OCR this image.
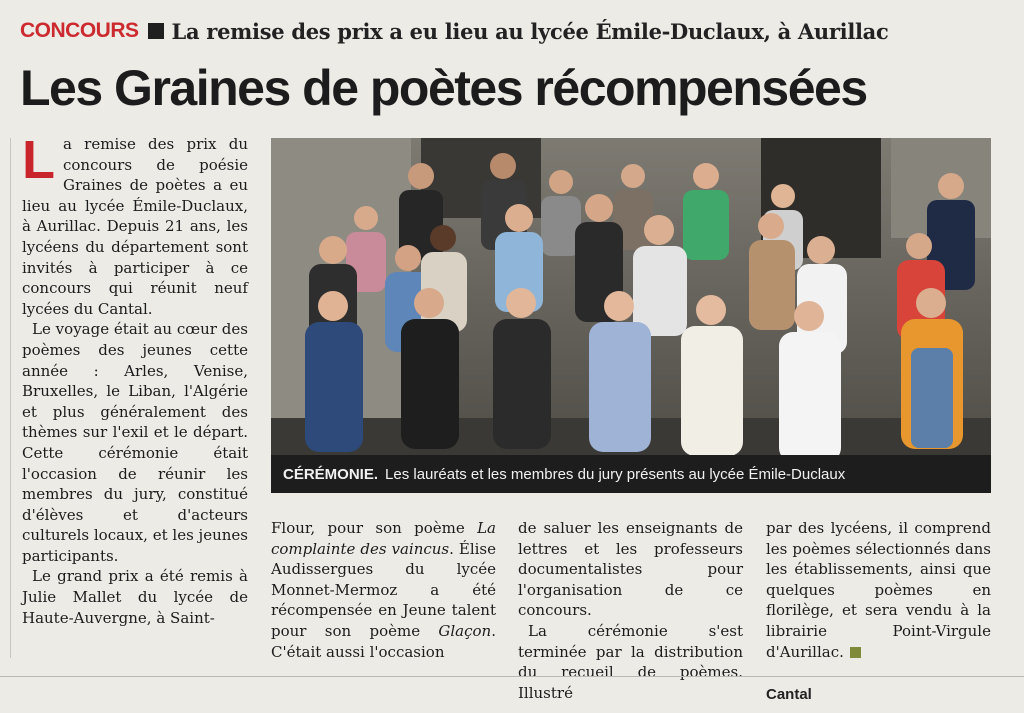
CONCOURS La remise des prix a eu lieu au lycée Émile-Duclaux, à Aurillac
Les Graines de poètes récompensées

La remise des prix du concours de poésie Graines de poètes a eu lieu au lycée Émile-Duclaux, à Aurillac. Depuis 21 ans, les lycéens du département sont invités à participer à ce concours qui réunit neuf lycées du Cantal.

Le voyage était au cœur des poèmes des jeunes cette année : Arles, Venise, Bruxelles, le Liban, l'Algérie et plus généralement des thèmes sur l'exil et le départ. Cette cérémonie était l'occasion de réunir les membres du jury, constitué d'élèves et d'acteurs culturels locaux, et les jeunes participants.

Le grand prix a été remis à Julie Mallet du lycée de Haute-Auvergne, à Saint-

CÉRÉMONIE. Les lauréats et les membres du jury présents au lycée Émile-Duclaux

Flour, pour son poème La complainte des vaincus. Élise Audissergues du lycée Monnet-Mermoz a été récompensée en Jeune talent pour son poème Glaçon. C'était aussi l'occasion

de saluer les enseignants de lettres et les professeurs documentalistes pour l'organisation de ce concours.

La cérémonie s'est terminée par la distribution du recueil de poèmes. Illustré

par des lycéens, il comprend les poèmes sélectionnés dans les établissements, ainsi que quelques poèmes en florilège, et sera vendu à la librairie Point-Virgule d'Aurillac.

Cantal
